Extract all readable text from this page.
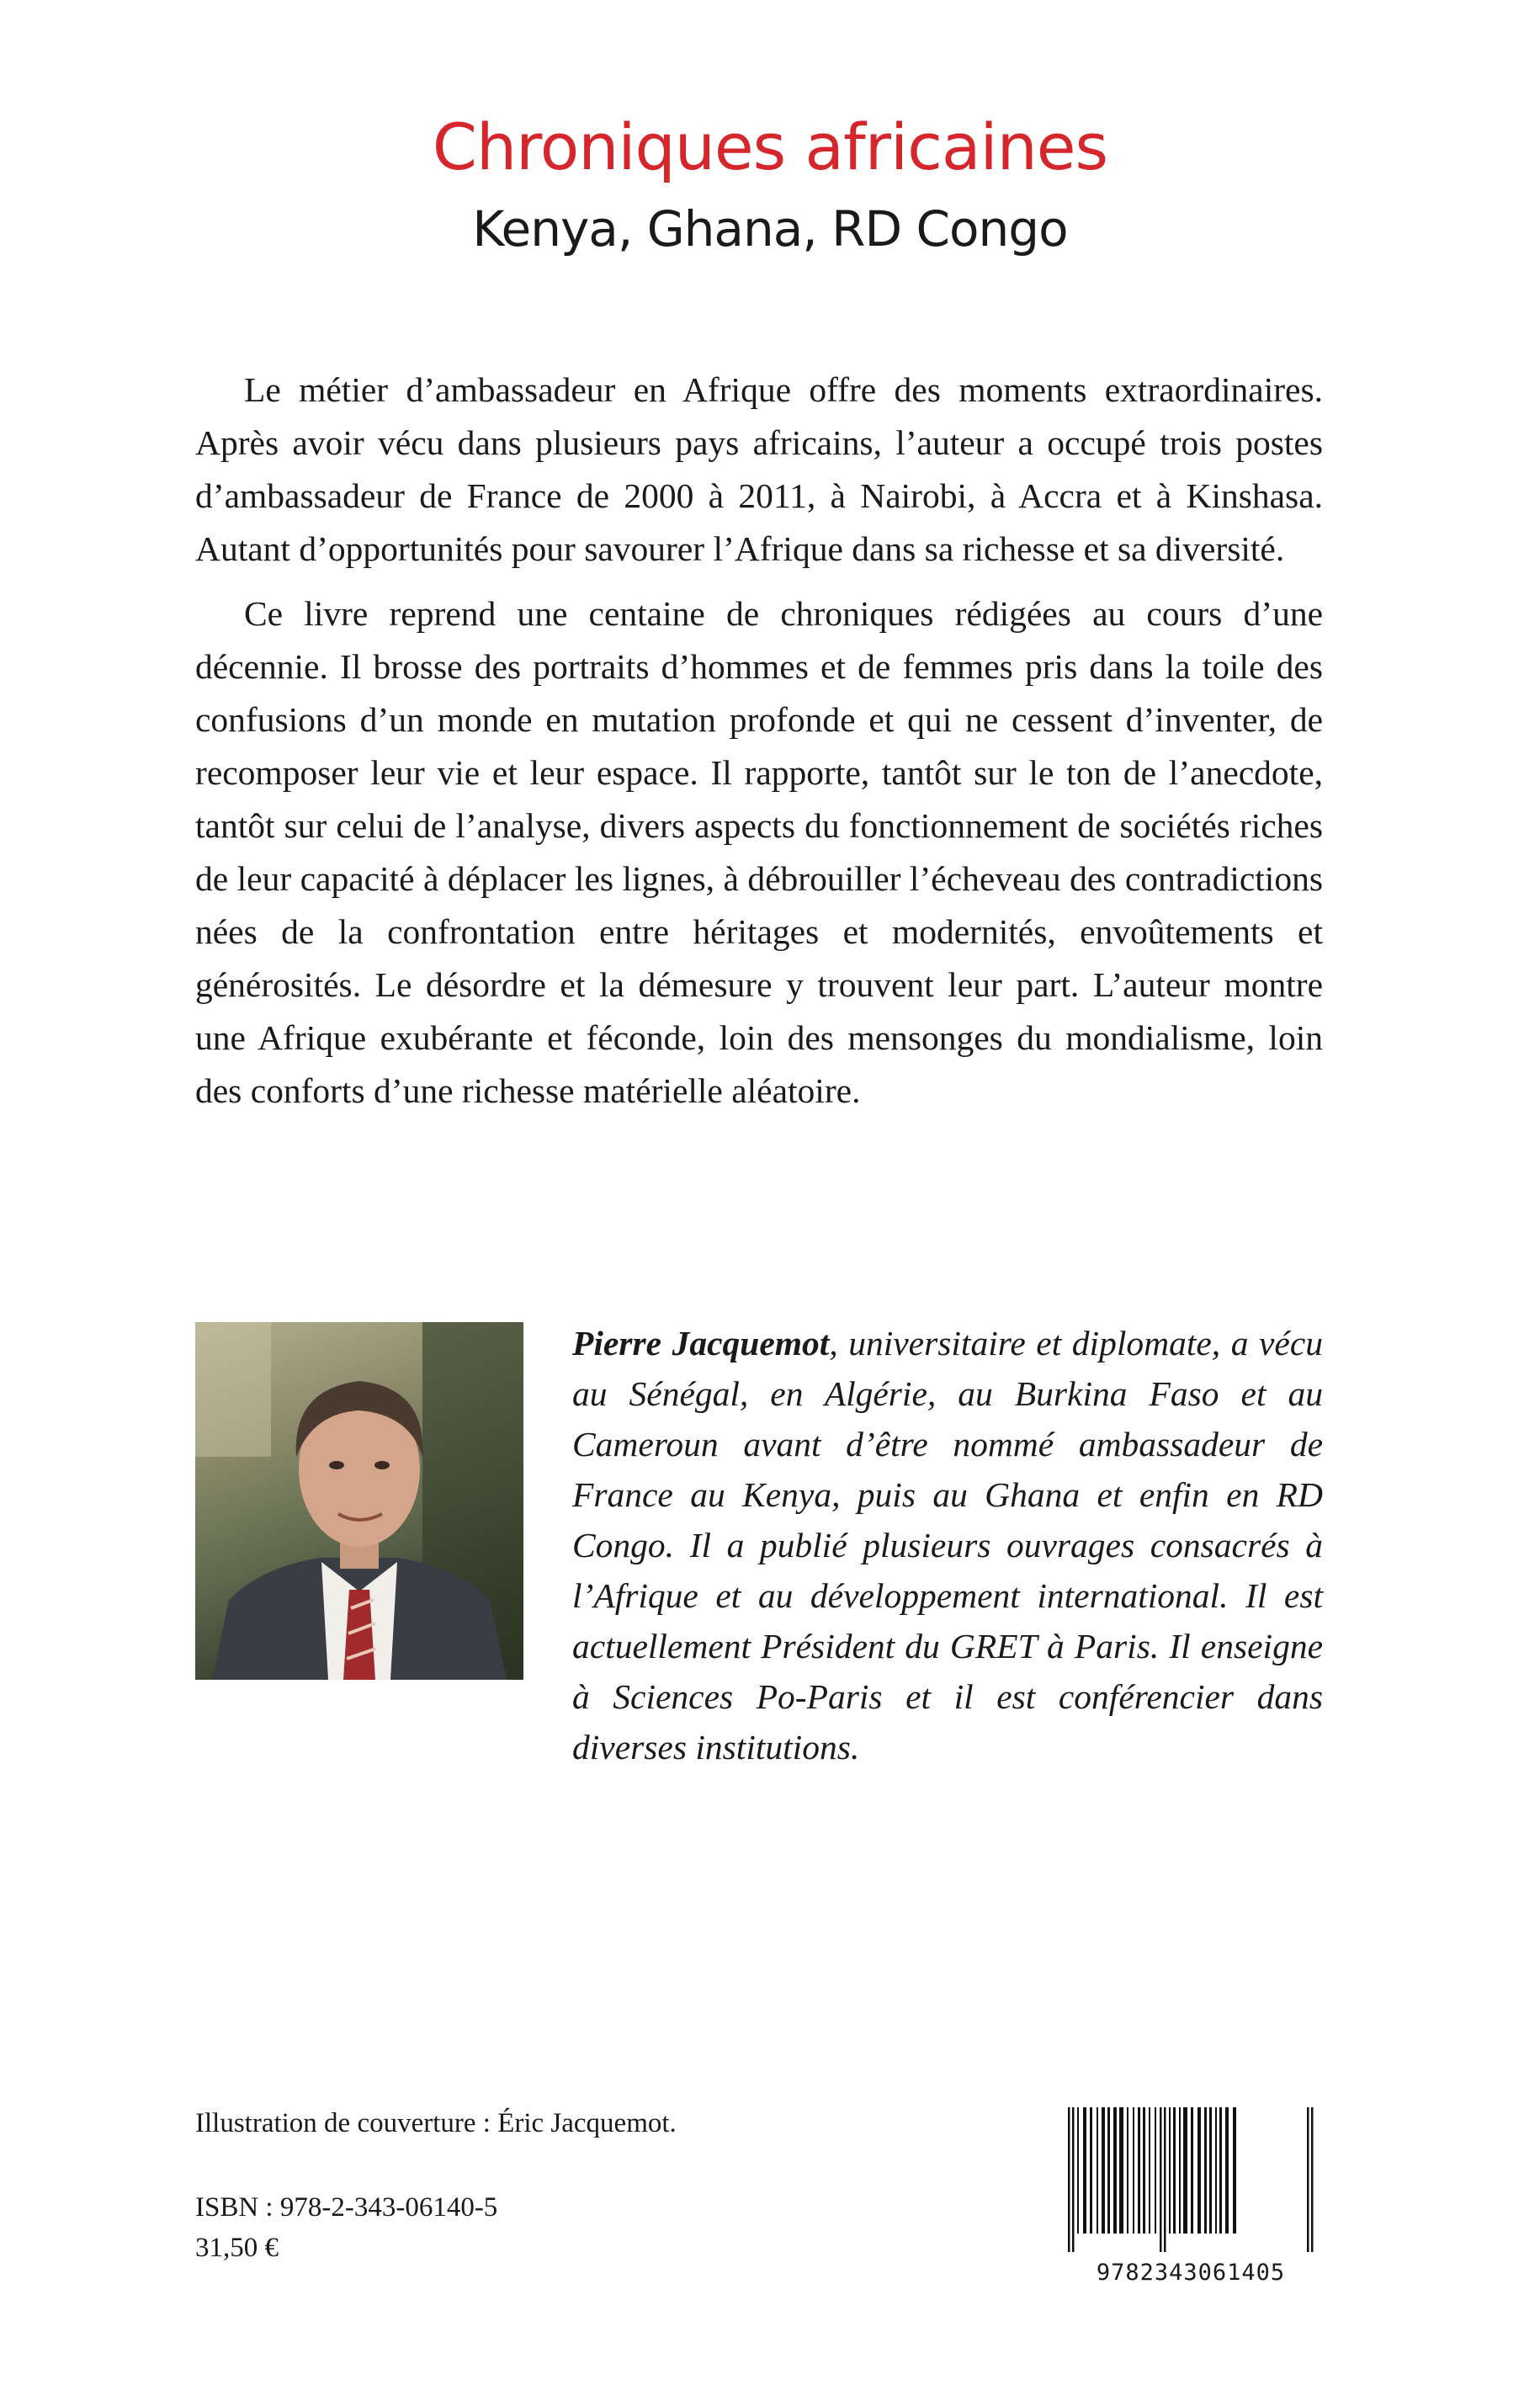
Chroniques africaines
Kenya, Ghana, RD Congo

Le métier d’ambassadeur en Afrique offre des moments extraordinaires. Après avoir vécu dans plusieurs pays africains, l’auteur a occupé trois postes d’ambassadeur de France de 2000 à 2011, à Nairobi, à Accra et à Kinshasa. Autant d’opportunités pour savourer l’Afrique dans sa richesse et sa diversité.

Ce livre reprend une centaine de chroniques rédigées au cours d’une décennie. Il brosse des portraits d’hommes et de femmes pris dans la toile des confusions d’un monde en mutation profonde et qui ne cessent d’inventer, de recomposer leur vie et leur espace. Il rapporte, tantôt sur le ton de l’anecdote, tantôt sur celui de l’analyse, divers aspects du fonctionnement de sociétés riches de leur capacité à déplacer les lignes, à débrouiller l’écheveau des contradictions nées de la confrontation entre héritages et modernités, envoûtements et générosités. Le désordre et la démesure y trouvent leur part. L’auteur montre une Afrique exubérante et féconde, loin des mensonges du mondialisme, loin des conforts d’une richesse matérielle aléatoire.

Pierre Jacquemot, universitaire et diplomate, a vécu au Sénégal, en Algérie, au Burkina Faso et au Cameroun avant d’être nommé ambassadeur de France au Kenya, puis au Ghana et enfin en RD Congo. Il a publié plusieurs ouvrages consacrés à l’Afrique et au développement international. Il est actuellement Président du GRET à Paris. Il enseigne à Sciences Po-Paris et il est conférencier dans diverses institutions.
Illustration de couverture : Éric Jacquemot.
ISBN : 978-2-343-06140-5
31,50 €
9782343061405
